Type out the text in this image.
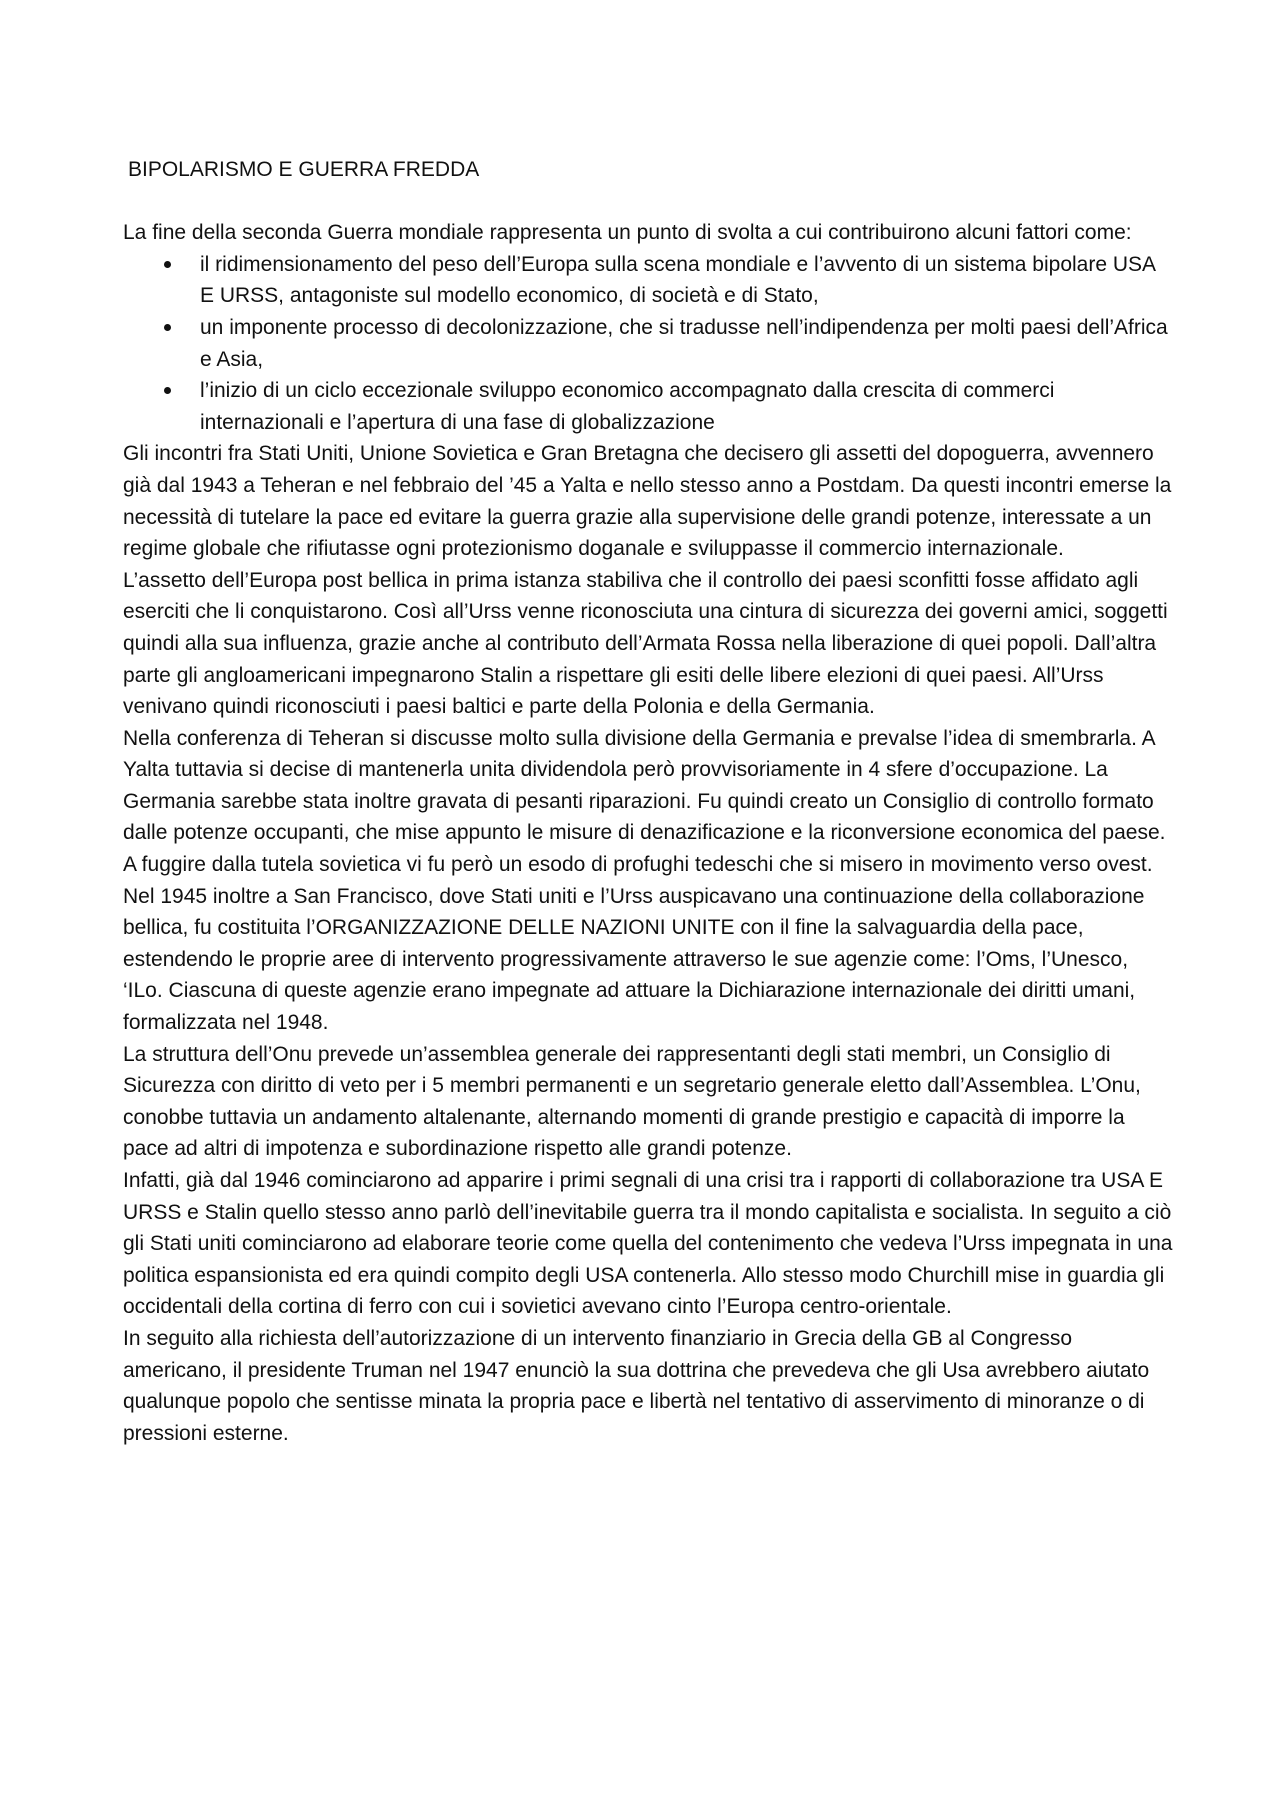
BIPOLARISMO E GUERRA FREDDA

La fine della seconda Guerra mondiale rappresenta un punto di svolta a cui contribuirono alcuni fattori come:

il ridimensionamento del peso dell’Europa sulla scena mondiale e l’avvento di un sistema bipolare USA E URSS, antagoniste sul modello economico, di società e di Stato,
un imponente processo di decolonizzazione, che si tradusse nell’indipendenza per molti paesi dell’Africa e Asia,
l’inizio di un ciclo eccezionale sviluppo economico accompagnato dalla crescita di commerci internazionali e l’apertura di una fase di globalizzazione

Gli incontri fra Stati Uniti, Unione Sovietica e Gran Bretagna che decisero gli assetti del dopoguerra, avvennero già dal 1943 a Teheran e nel febbraio del ’45 a Yalta e nello stesso anno a Postdam. Da questi incontri emerse la necessità di tutelare la pace ed evitare la guerra grazie alla supervisione delle grandi potenze, interessate a un regime globale che rifiutasse ogni protezionismo doganale e sviluppasse il commercio internazionale.

L’assetto dell’Europa post bellica in prima istanza stabiliva che il controllo dei paesi sconfitti fosse affidato agli eserciti che li conquistarono. Così all’Urss venne riconosciuta una cintura di sicurezza dei governi amici, soggetti quindi alla sua influenza, grazie anche al contributo dell’Armata Rossa nella liberazione di quei popoli. Dall’altra parte gli angloamericani impegnarono Stalin a rispettare gli esiti delle libere elezioni di quei paesi. All’Urss venivano quindi riconosciuti i paesi baltici e parte della Polonia e della Germania.

Nella conferenza di Teheran si discusse molto sulla divisione della Germania e prevalse l’idea di smembrarla. A Yalta tuttavia si decise di mantenerla unita dividendola però provvisoriamente in 4 sfere d’occupazione. La Germania sarebbe stata inoltre gravata di pesanti riparazioni. Fu quindi creato un Consiglio di controllo formato dalle potenze occupanti, che mise appunto le misure di denazificazione e la riconversione economica del paese. A fuggire dalla tutela sovietica vi fu però un esodo di profughi tedeschi che si misero in movimento verso ovest.

Nel 1945 inoltre a San Francisco, dove Stati uniti e l’Urss auspicavano una continuazione della collaborazione bellica, fu costituita l’ORGANIZZAZIONE DELLE NAZIONI UNITE con il fine la salvaguardia della pace, estendendo le proprie aree di intervento progressivamente attraverso le sue agenzie come: l’Oms, l’Unesco, ‘ILo. Ciascuna di queste agenzie erano impegnate ad attuare la Dichiarazione internazionale dei diritti umani, formalizzata nel 1948.

La struttura dell’Onu prevede un’assemblea generale dei rappresentanti degli stati membri, un Consiglio di Sicurezza con diritto di veto per i 5 membri permanenti e un segretario generale eletto dall’Assemblea. L’Onu, conobbe tuttavia un andamento altalenante, alternando momenti di grande prestigio e capacità di imporre la pace ad altri di impotenza e subordinazione rispetto alle grandi potenze.

Infatti, già dal 1946 cominciarono ad apparire i primi segnali di una crisi tra i rapporti di collaborazione tra USA E URSS e Stalin quello stesso anno parlò dell’inevitabile guerra tra il mondo capitalista e socialista. In seguito a ciò gli Stati uniti cominciarono ad elaborare teorie come quella del contenimento che vedeva l’Urss impegnata in una politica espansionista ed era quindi compito degli USA contenerla. Allo stesso modo Churchill mise in guardia gli occidentali della cortina di ferro con cui i sovietici avevano cinto l’Europa centro-orientale.

In seguito alla richiesta dell’autorizzazione di un intervento finanziario in Grecia della GB al Congresso americano, il presidente Truman nel 1947 enunciò la sua dottrina che prevedeva che gli Usa avrebbero aiutato qualunque popolo che sentisse minata la propria pace e libertà nel tentativo di asservimento di minoranze o di pressioni esterne.
